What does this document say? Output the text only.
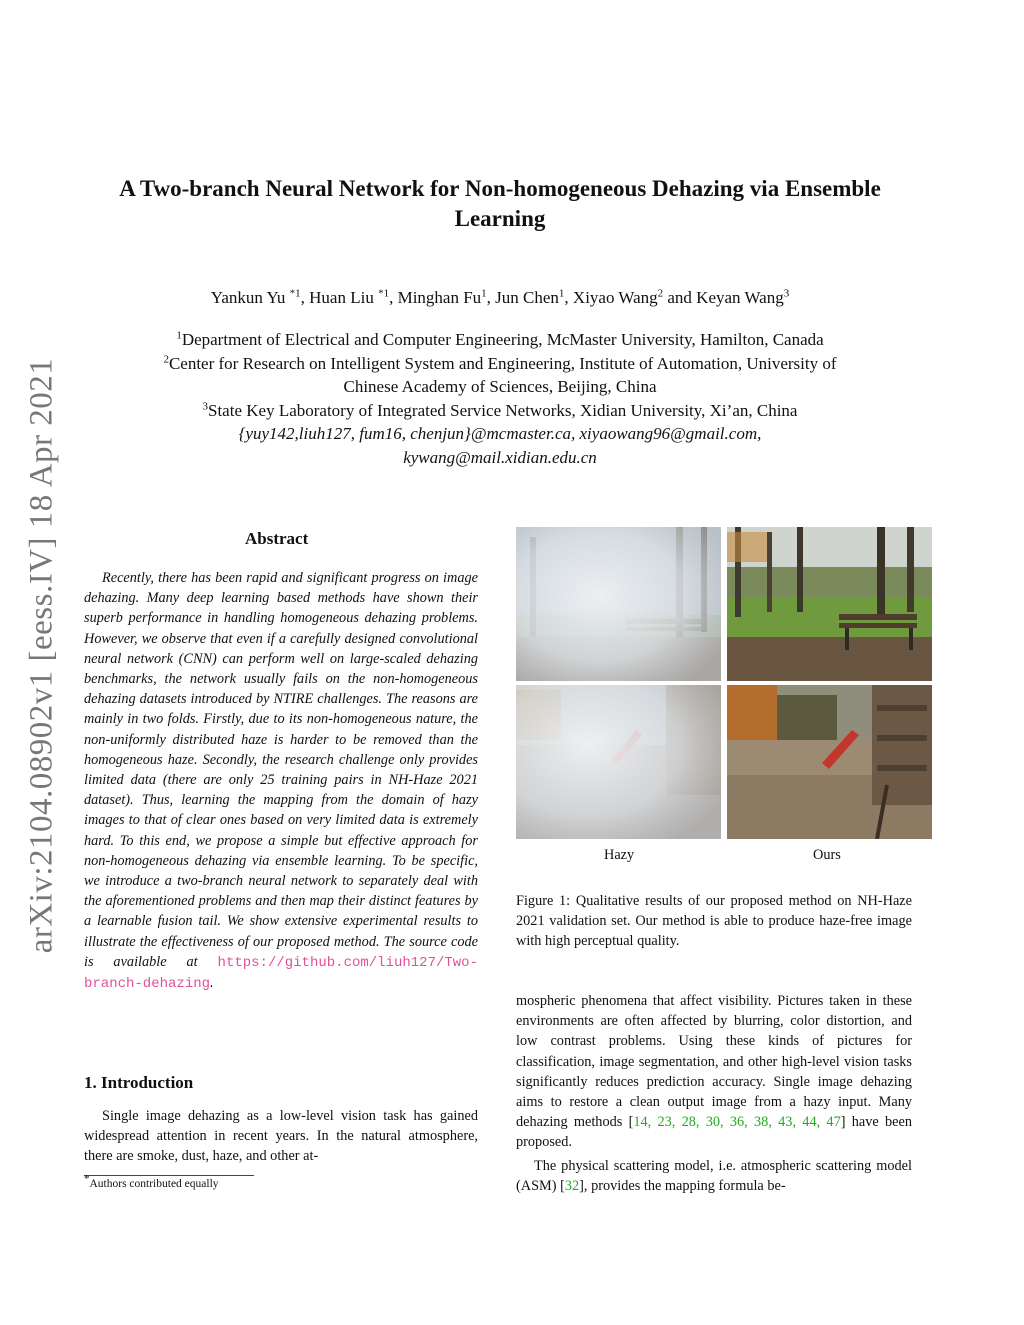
arXiv:2104.08902v1 [eess.IV] 18 Apr 2021
A Two-branch Neural Network for Non-homogeneous Dehazing via Ensemble
Learning
Yankun Yu $^{*1}$, Huan Liu $^{*1}$, Minghan Fu$^1$, Jun Chen$^1$, Xiyao Wang$^2$ and Keyan Wang$^3$
$^1$Department of Electrical and Computer Engineering, McMaster University, Hamilton, Canada
$^2$Center for Research on Intelligent System and Engineering, Institute of Automation, University of
Chinese Academy of Sciences, Beijing, China
$^3$State Key Laboratory of Integrated Service Networks, Xidian University, Xi’an, China
{yuy142,liuh127, fum16, chenjun}@mcmaster.ca, xiyaowang96@gmail.com,
kywang@mail.xidian.edu.cn
Abstract
Recently, there has been rapid and significant progress on image dehazing. Many deep learning based methods have shown their superb performance in handling homogeneous dehazing problems. However, we observe that even if a carefully designed convolutional neural network (CNN) can perform well on large-scaled dehazing benchmarks, the network usually fails on the non-homogeneous dehazing datasets introduced by NTIRE challenges. The reasons are mainly in two folds. Firstly, due to its non-homogeneous nature, the non-uniformly distributed haze is harder to be removed than the homogeneous haze. Secondly, the research challenge only provides limited data (there are only 25 training pairs in NH-Haze 2021 dataset). Thus, learning the mapping from the domain of hazy images to that of clear ones based on very limited data is extremely hard. To this end, we propose a simple but effective approach for non-homogeneous dehazing via ensemble learning. To be specific, we introduce a two-branch neural network to separately deal with the aforementioned problems and then map their distinct features by a learnable fusion tail. We show extensive experimental results to illustrate the effectiveness of our proposed method. The source code is available at https://github.com/liuh127/Two-branch-dehazing.
1. Introduction
Single image dehazing as a low-level vision task has gained widespread attention in recent years. In the natural atmosphere, there are smoke, dust, haze, and other at-
*Authors contributed equally
Hazy	Ours
Figure 1: Qualitative results of our proposed method on NH-Haze 2021 validation set. Our method is able to produce haze-free image with high perceptual quality.
mospheric phenomena that affect visibility. Pictures taken in these environments are often affected by blurring, color distortion, and low contrast problems. Using these kinds of pictures for classification, image segmentation, and other high-level vision tasks significantly reduces prediction accuracy. Single image dehazing aims to restore a clean output image from a hazy input. Many dehazing methods [14, 23, 28, 30, 36, 38, 43, 44, 47] have been proposed.
The physical scattering model, i.e. atmospheric scattering model (ASM) [32], provides the mapping formula be-
